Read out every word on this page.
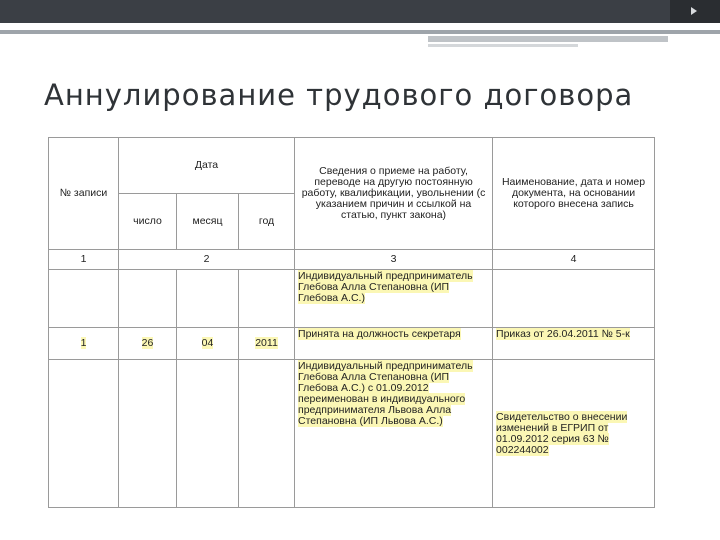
Аннулирование трудового договора
№ записи	Дата			Сведения о приеме на работу, переводе на другую постоянную работу, квалификации, увольнении (с указанием причин и ссылкой на статью, пункт закона)	Наименование, дата и номер документа, на основании которого внесена запись
	число	месяц	год		
1	2			3	4
				Индивидуальный предприниматель Глебова Алла Степановна (ИП Глебова А.С.)	
1	26	04	2011	Принята на должность секретаря	Приказ от 26.04.2011 № 5-к
				Индивидуальный предприниматель Глебова Алла Степановна (ИП Глебова А.С.) с 01.09.2012 переименован в индивидуального предпринимателя Львова Алла Степановна (ИП Львова А.С.)	Свидетельство о внесении изменений в ЕГРИП от 01.09.2012 серия 63 № 002244002
